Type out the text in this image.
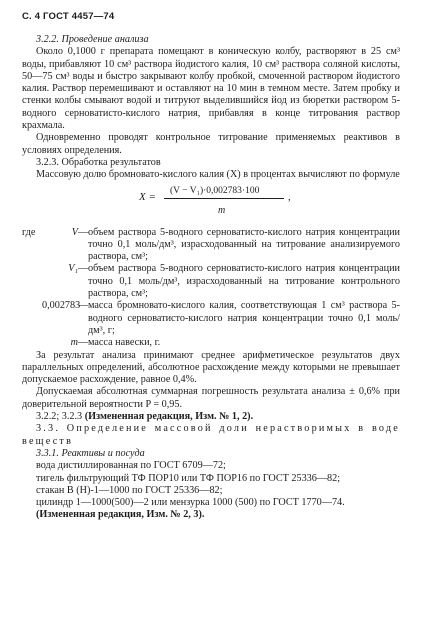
С. 4 ГОСТ 4457—74

3.2.2. Проведение анализа

Около 0,1000 г препарата помещают в коническую колбу, растворяют в 25 см³ воды, прибавляют 10 см³ раствора йодистого калия, 10 см³ раствора соляной кислоты, 50—75 см³ воды и быстро закрывают колбу пробкой, смоченной раствором йодистого калия. Раствор перемешивают и оставляют на 10 мин в темном месте. Затем пробку и стенки колбы смывают водой и титруют выделившийся йод из бюретки раствором 5-водного серноватисто-кислого натрия, прибавляя в конце титрования раствор крахмала.

Одновременно проводят контрольное титрование применяемых реактивов в условиях определения.

3.2.3. Обработка результатов

Массовую долю бромновато-кислого калия (X) в процентах вычисляют по формуле

X = (V − V₁)·0,002783·100
m
,
где	V — объем раствора 5-водного серноватисто-кислого натрия концентрации точно 0,1 моль/дм³, израсходованный на титрование анализируемого раствора, см³;
V₁ — объем раствора 5-водного серноватисто-кислого натрия концентрации точно 0,1 моль/дм³, израсходованный на титрование контрольного раствора, см³;
0,002783
— масса бромновато-кислого калия, соответствующая 1 см³ раствора 5-водного серноватисто-кислого натрия концентрации точно 0,1 моль/дм³, г;
m — масса навески, г.

За результат анализа принимают среднее арифметическое результатов двух параллельных определений, абсолютное расхождение между которыми не превышает допускаемое расхождение, равное 0,4%.

Допускаемая абсолютная суммарная погрешность результата анализа ± 0,6% при доверительной вероятности P = 0,95.

3.2.2; 3.2.3 (Измененная редакция, Изм. № 1, 2).

3.3. Определение массовой доли нерастворимых в воде веществ

3.3.1. Реактивы и посуда

вода дистиллированная по ГОСТ 6709—72;

тигель фильтрующий ТФ ПОР10 или ТФ ПОР16 по ГОСТ 25336—82;

стакан В (Н)-1—1000 по ГОСТ 25336—82;

цилиндр 1—1000(500)—2 или мензурка 1000 (500) по ГОСТ 1770—74.

(Измененная редакция, Изм. № 2, 3).
